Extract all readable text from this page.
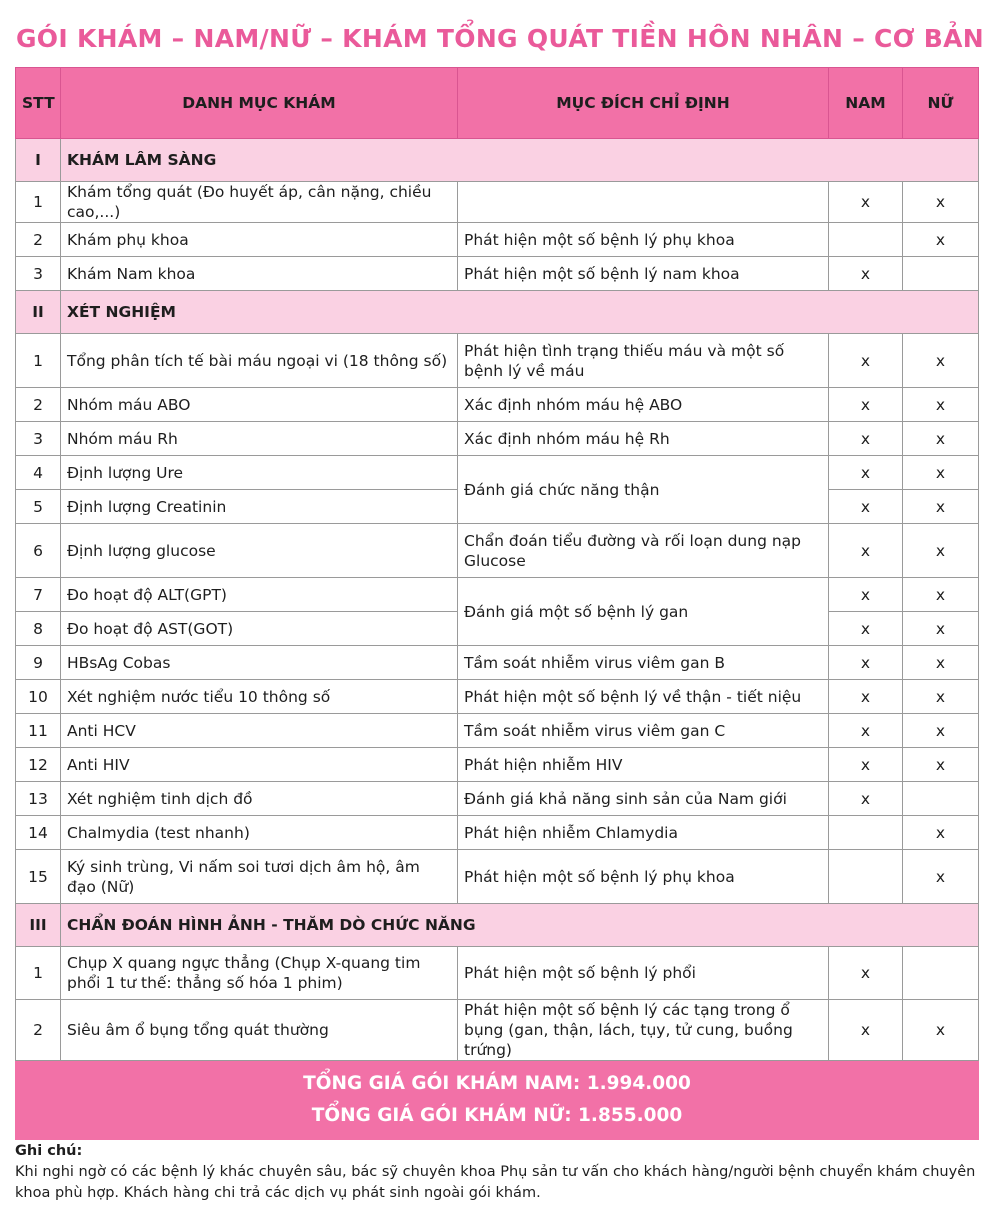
GÓI KHÁM – NAM/NỮ – KHÁM TỔNG QUÁT TIỀN HÔN NHÂN – CƠ BẢN
STT	DANH MỤC KHÁM	MỤC ĐÍCH CHỈ ĐỊNH	NAM	NỮ
I	KHÁM LÂM SÀNG			
1	Khám tổng quát (Đo huyết áp, cân nặng, chiều cao,...)		x	x
2	Khám phụ khoa	Phát hiện một số bệnh lý phụ khoa		x
3	Khám Nam khoa	Phát hiện một số bệnh lý nam khoa	x	
II	XÉT NGHIỆM			
1	Tổng phân tích tế bài máu ngoại vi (18 thông số)	Phát hiện tình trạng thiếu máu và một số bệnh lý về máu	x	x
2	Nhóm máu ABO	Xác định nhóm máu hệ ABO	x	x
3	Nhóm máu Rh	Xác định nhóm máu hệ Rh	x	x
4	Định lượng Ure	Đánh giá chức năng thận	x	x
5	Định lượng Creatinin		x	x
6	Định lượng glucose	Chẩn đoán tiểu đường và rối loạn dung nạp Glucose	x	x
7	Đo hoạt độ ALT(GPT)	Đánh giá một số bệnh lý gan	x	x
8	Đo hoạt độ AST(GOT)		x	x
9	HBsAg Cobas	Tầm soát nhiễm virus viêm gan B	x	x
10	Xét nghiệm nước tiểu 10 thông số	Phát hiện một số bệnh lý về thận - tiết niệu	x	x
11	Anti HCV	Tầm soát nhiễm virus viêm gan C	x	x
12	Anti HIV	Phát hiện nhiễm HIV	x	x
13	Xét nghiệm tinh dịch đồ	Đánh giá khả năng sinh sản của Nam giới	x	
14	Chalmydia (test nhanh)	Phát hiện nhiễm Chlamydia		x
15	Ký sinh trùng, Vi nấm soi tươi dịch âm hộ, âm đạo (Nữ)	Phát hiện một số bệnh lý phụ khoa		x
III	CHẨN ĐOÁN HÌNH ẢNH - THĂM DÒ CHỨC NĂNG			
1	Chụp X quang ngực thẳng (Chụp X-quang tim phổi 1 tư thế: thẳng số hóa 1 phim)	Phát hiện một số bệnh lý phổi	x	
2	Siêu âm ổ bụng tổng quát thường	Phát hiện một số bệnh lý các tạng trong ổ bụng (gan, thận, lách, tụy, tử cung, buồng trứng)	x	x

TỔNG GIÁ GÓI KHÁM NAM: 1.994.000
TỔNG GIÁ GÓI KHÁM NỮ: 1.855.000				
Ghi chú:
Khi nghi ngờ có các bệnh lý khác chuyên sâu, bác sỹ chuyên khoa Phụ sản tư vấn cho khách hàng/người bệnh chuyển khám chuyên khoa phù hợp. Khách hàng chi trả các dịch vụ phát sinh ngoài gói khám.
